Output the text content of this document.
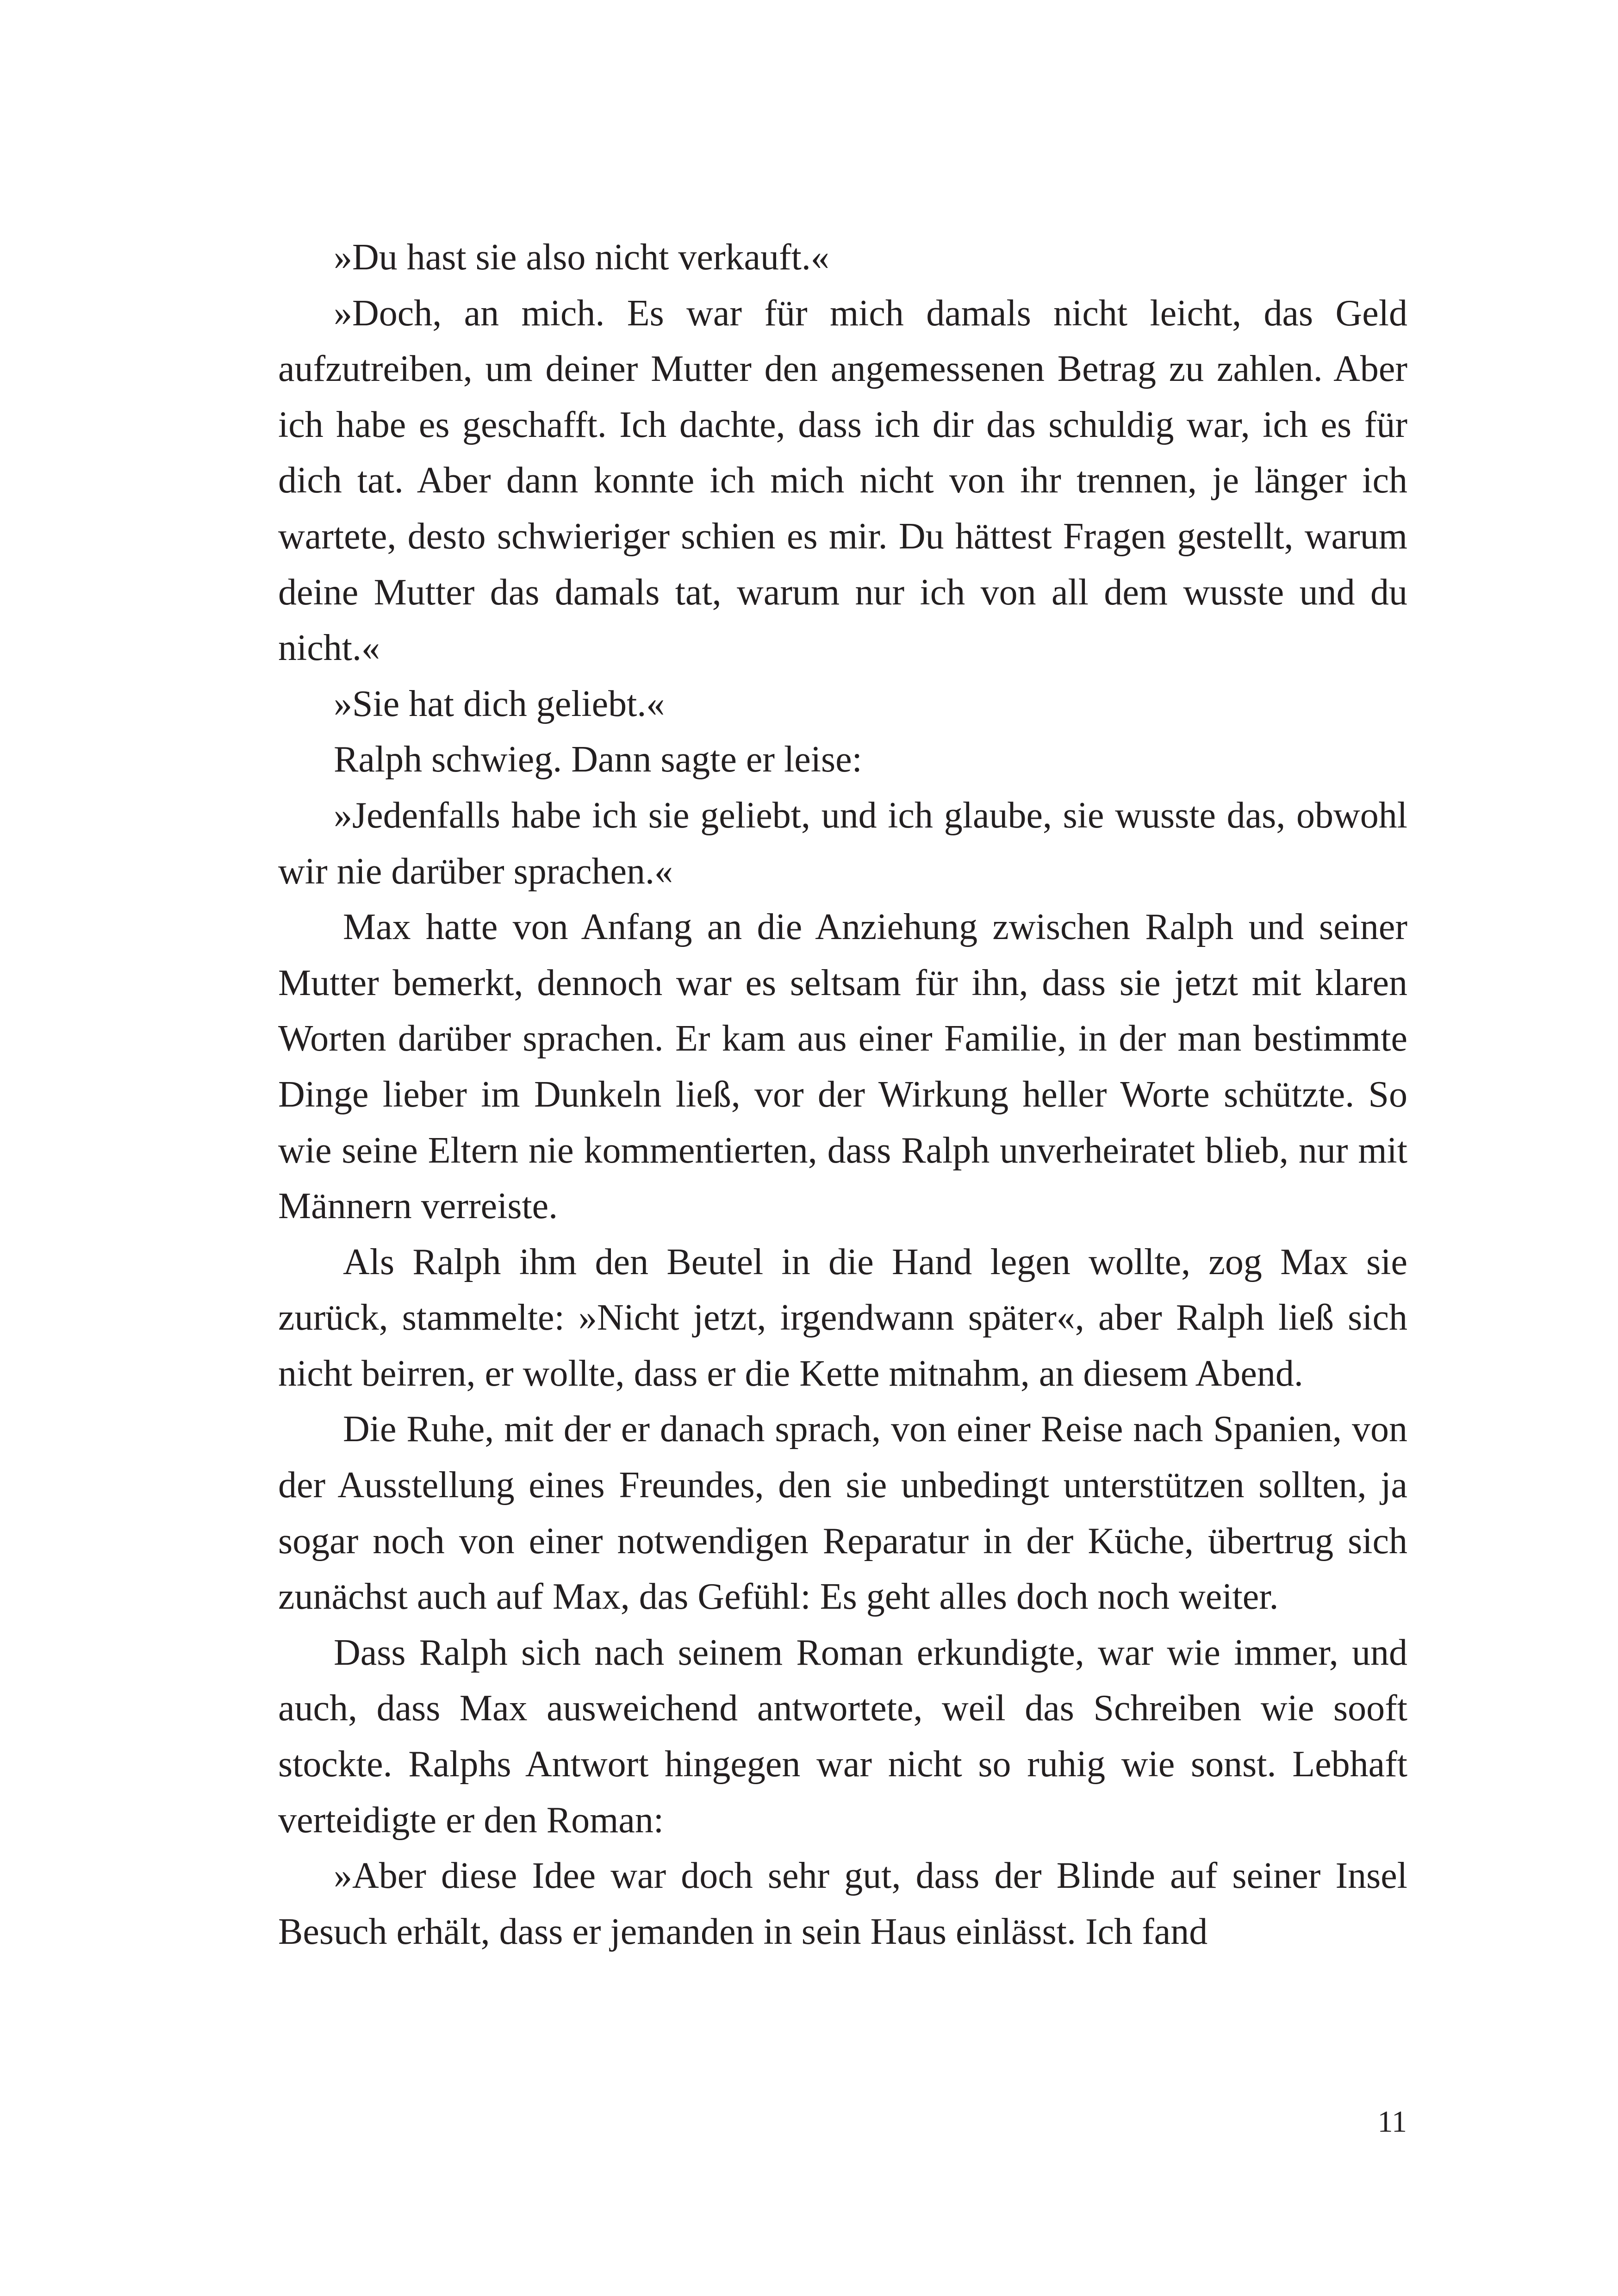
»Du hast sie also nicht verkauft.«

»Doch, an mich. Es war für mich damals nicht leicht, das Geld aufzutreiben, um deiner Mutter den angemessenen Betrag zu zahlen. Aber ich habe es geschafft. Ich dachte, dass ich dir das schuldig war, ich es für dich tat. Aber dann konnte ich mich nicht von ihr trennen, je länger ich wartete, desto schwieriger schien es mir. Du hättest Fragen gestellt, warum deine Mutter das damals tat, warum nur ich von all dem wusste und du nicht.«

»Sie hat dich geliebt.«

Ralph schwieg. Dann sagte er leise:

»Jedenfalls habe ich sie geliebt, und ich glaube, sie wusste das, obwohl wir nie darüber sprachen.«

Max hatte von Anfang an die Anziehung zwischen Ralph und seiner Mutter bemerkt, dennoch war es seltsam für ihn, dass sie jetzt mit klaren Worten darüber sprachen. Er kam aus einer Familie, in der man bestimmte Dinge lieber im Dunkeln ließ, vor der Wirkung heller Worte schützte. So wie seine Eltern nie kommentierten, dass Ralph unverheiratet blieb, nur mit Männern verreiste.

Als Ralph ihm den Beutel in die Hand legen wollte, zog Max sie zurück, stammelte: »Nicht jetzt, irgendwann später«, aber Ralph ließ sich nicht beirren, er wollte, dass er die Kette mitnahm, an diesem Abend.

Die Ruhe, mit der er danach sprach, von einer Reise nach Spanien, von der Ausstellung eines Freundes, den sie unbedingt unterstützen sollten, ja sogar noch von einer notwendigen Reparatur in der Küche, übertrug sich zunächst auch auf Max, das Gefühl: Es geht alles doch noch weiter.

Dass Ralph sich nach seinem Roman erkundigte, war wie immer, und auch, dass Max ausweichend antwortete, weil das Schreiben wie sooft stockte. Ralphs Antwort hingegen war nicht so ruhig wie sonst. Lebhaft verteidigte er den Roman:

»Aber diese Idee war doch sehr gut, dass der Blinde auf seiner Insel Besuch erhält, dass er jemanden in sein Haus einlässt. Ich fand

11
